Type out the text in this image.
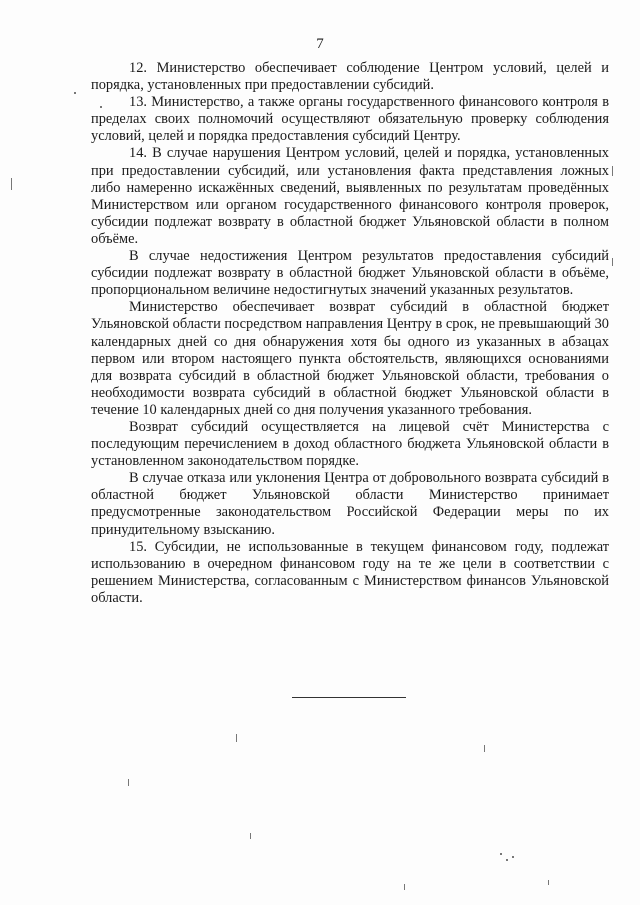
7

12. Министерство обеспечивает соблюдение Центром условий, целей и порядка, установленных при предоставлении субсидий.

13. Министерство, а также органы государственного финансового контроля в пределах своих полномочий осуществляют обязательную проверку соблюдения условий, целей и порядка предоставления субсидий Центру.

14. В случае нарушения Центром условий, целей и порядка, установленных при предоставлении субсидий, или установления факта представления ложных либо намеренно искажённых сведений, выявленных по результатам проведённых Министерством или органом государственного финансового контроля проверок, субсидии подлежат возврату в областной бюджет Ульяновской области в полном объёме.

В случае недостижения Центром результатов предоставления субсидий субсидии подлежат возврату в областной бюджет Ульяновской области в объёме, пропорциональном величине недостигнутых значений указанных результатов.

Министерство обеспечивает возврат субсидий в областной бюджет Ульяновской области посредством направления Центру в срок, не превышающий 30 календарных дней со дня обнаружения хотя бы одного из указанных в абзацах первом или втором настоящего пункта обстоятельств, являющихся основаниями для возврата субсидий в областной бюджет Ульяновской области, требования о необходимости возврата субсидий в областной бюджет Ульяновской области в течение 10 календарных дней со дня получения указанного требования.

Возврат субсидий осуществляется на лицевой счёт Министерства с последующим перечислением в доход областного бюджета Ульяновской области в установленном законодательством порядке.

В случае отказа или уклонения Центра от добровольного возврата субсидий в областной бюджет Ульяновской области Министерство принимает предусмотренные законодательством Российской Федерации меры по их принудительному взысканию.

15. Субсидии, не использованные в текущем финансовом году, подлежат использованию в очередном финансовом году на те же цели в соответствии с решением Министерства, согласованным с Министерством финансов Ульяновской области.
